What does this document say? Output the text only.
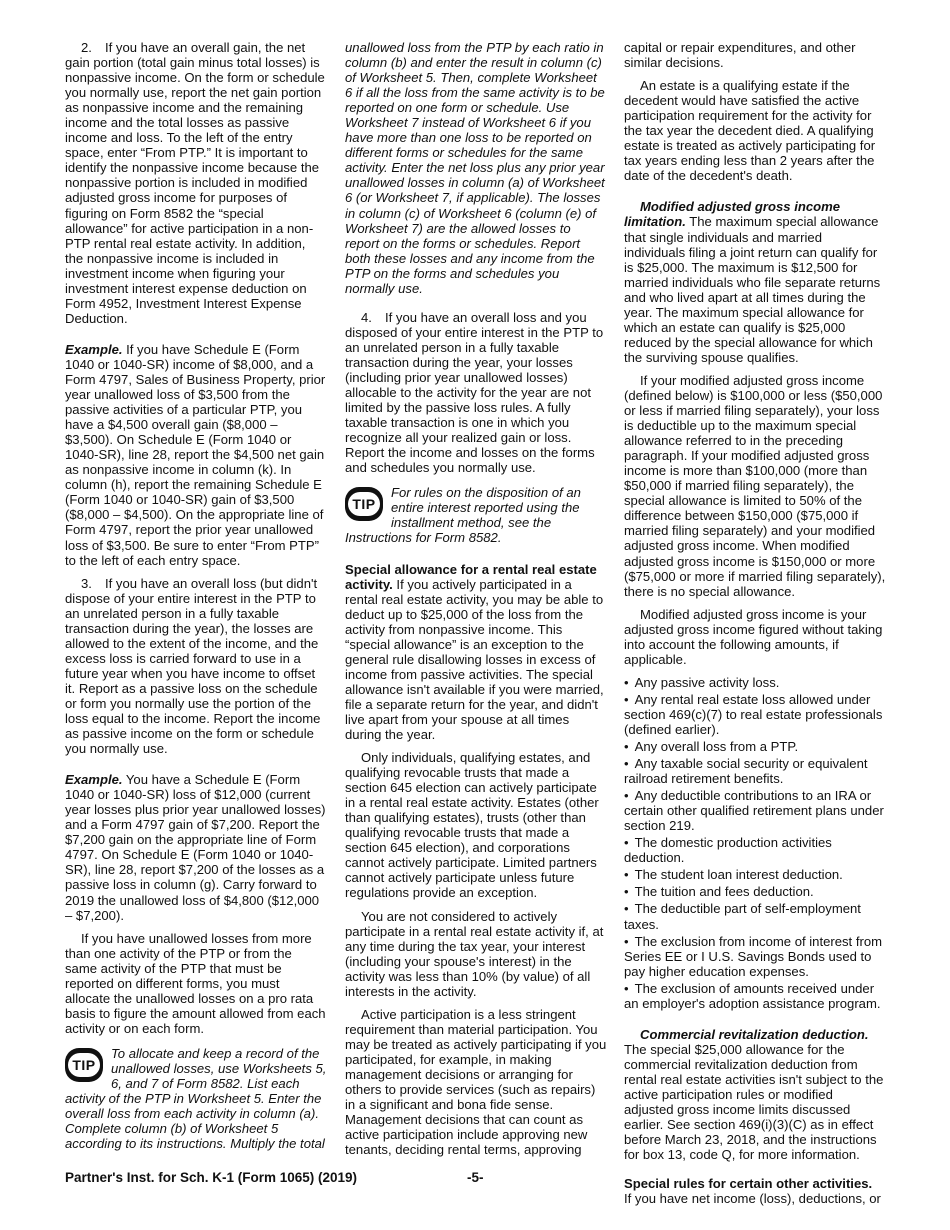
2. If you have an overall gain, the net gain portion (total gain minus total losses) is nonpassive income. On the form or schedule you normally use, report the net gain portion as nonpassive income and the remaining income and the total losses as passive income and loss. To the left of the entry space, enter “From PTP.” It is important to identify the nonpassive income because the nonpassive portion is included in modified adjusted gross income for purposes of figuring on Form 8582 the “special allowance” for active participation in a non-PTP rental real estate activity. In addition, the nonpassive income is included in investment income when figuring your investment interest expense deduction on Form 4952, Investment Interest Expense Deduction.

Example. If you have Schedule E (Form 1040 or 1040-SR) income of $8,000, and a Form 4797, Sales of Business Property, prior year unallowed loss of $3,500 from the passive activities of a particular PTP, you have a $4,500 overall gain ($8,000 – $3,500). On Schedule E (Form 1040 or 1040-SR), line 28, report the $4,500 net gain as nonpassive income in column (k). In column (h), report the remaining Schedule E (Form 1040 or 1040-SR) gain of $3,500 ($8,000 – $4,500). On the appropriate line of Form 4797, report the prior year unallowed loss of $3,500. Be sure to enter “From PTP” to the left of each entry space.

3. If you have an overall loss (but didn't dispose of your entire interest in the PTP to an unrelated person in a fully taxable transaction during the year), the losses are allowed to the extent of the income, and the excess loss is carried forward to use in a future year when you have income to offset it. Report as a passive loss on the schedule or form you normally use the portion of the loss equal to the income. Report the income as passive income on the form or schedule you normally use.

Example. You have a Schedule E (Form 1040 or 1040-SR) loss of $12,000 (current year losses plus prior year unallowed losses) and a Form 4797 gain of $7,200. Report the $7,200 gain on the appropriate line of Form 4797. On Schedule E (Form 1040 or 1040-SR), line 28, report $7,200 of the losses as a passive loss in column (g). Carry forward to 2019 the unallowed loss of $4,800 ($12,000 – $7,200).

If you have unallowed losses from more than one activity of the PTP or from the same activity of the PTP that must be reported on different forms, you must allocate the unallowed losses on a pro rata basis to figure the amount allowed from each activity or on each form.

TIP
To allocate and keep a record of the unallowed losses, use Worksheets 5, 6, and 7 of Form 8582. List each activity of the PTP in Worksheet 5. Enter the overall loss from each activity in column (a). Complete column (b) of Worksheet 5 according to its instructions. Multiply the total

unallowed loss from the PTP by each ratio in column (b) and enter the result in column (c) of Worksheet 5. Then, complete Worksheet 6 if all the loss from the same activity is to be reported on one form or schedule. Use Worksheet 7 instead of Worksheet 6 if you have more than one loss to be reported on different forms or schedules for the same activity. Enter the net loss plus any prior year unallowed losses in column (a) of Worksheet 6 (or Worksheet 7, if applicable). The losses in column (c) of Worksheet 6 (column (e) of Worksheet 7) are the allowed losses to report on the forms or schedules. Report both these losses and any income from the PTP on the forms and schedules you normally use.

4. If you have an overall loss and you disposed of your entire interest in the PTP to an unrelated person in a fully taxable transaction during the year, your losses (including prior year unallowed losses) allocable to the activity for the year are not limited by the passive loss rules. A fully taxable transaction is one in which you recognize all your realized gain or loss. Report the income and losses on the forms and schedules you normally use.

TIP
For rules on the disposition of an entire interest reported using the installment method, see the Instructions for Form 8582.

Special allowance for a rental real estate activity. If you actively participated in a rental real estate activity, you may be able to deduct up to $25,000 of the loss from the activity from nonpassive income. This “special allowance” is an exception to the general rule disallowing losses in excess of income from passive activities. The special allowance isn't available if you were married, file a separate return for the year, and didn't live apart from your spouse at all times during the year.

Only individuals, qualifying estates, and qualifying revocable trusts that made a section 645 election can actively participate in a rental real estate activity. Estates (other than qualifying estates), trusts (other than qualifying revocable trusts that made a section 645 election), and corporations cannot actively participate. Limited partners cannot actively participate unless future regulations provide an exception.

You are not considered to actively participate in a rental real estate activity if, at any time during the tax year, your interest (including your spouse's interest) in the activity was less than 10% (by value) of all interests in the activity.

Active participation is a less stringent requirement than material participation. You may be treated as actively participating if you participated, for example, in making management decisions or arranging for others to provide services (such as repairs) in a significant and bona fide sense. Management decisions that can count as active participation include approving new tenants, deciding rental terms, approving

capital or repair expenditures, and other similar decisions.

An estate is a qualifying estate if the decedent would have satisfied the active participation requirement for the activity for the tax year the decedent died. A qualifying estate is treated as actively participating for tax years ending less than 2 years after the date of the decedent's death.

Modified adjusted gross income limitation. The maximum special allowance that single individuals and married individuals filing a joint return can qualify for is $25,000. The maximum is $12,500 for married individuals who file separate returns and who lived apart at all times during the year. The maximum special allowance for which an estate can qualify is $25,000 reduced by the special allowance for which the surviving spouse qualifies.

If your modified adjusted gross income (defined below) is $100,000 or less ($50,000 or less if married filing separately), your loss is deductible up to the maximum special allowance referred to in the preceding paragraph. If your modified adjusted gross income is more than $100,000 (more than $50,000 if married filing separately), the special allowance is limited to 50% of the difference between $150,000 ($75,000 if married filing separately) and your modified adjusted gross income. When modified adjusted gross income is $150,000 or more ($75,000 or more if married filing separately), there is no special allowance.

Modified adjusted gross income is your adjusted gross income figured without taking into account the following amounts, if applicable.

• Any passive activity loss.
• Any rental real estate loss allowed under section 469(c)(7) to real estate professionals (defined earlier).
• Any overall loss from a PTP.
• Any taxable social security or equivalent railroad retirement benefits.
• Any deductible contributions to an IRA or certain other qualified retirement plans under section 219.
• The domestic production activities deduction.
• The student loan interest deduction.
• The tuition and fees deduction.
• The deductible part of self-employment taxes.
• The exclusion from income of interest from Series EE or I U.S. Savings Bonds used to pay higher education expenses.
• The exclusion of amounts received under an employer's adoption assistance program.

Commercial revitalization deduction. The special $25,000 allowance for the commercial revitalization deduction from rental real estate activities isn't subject to the active participation rules or modified adjusted gross income limits discussed earlier. See section 469(i)(3)(C) as in effect before March 23, 2018, and the instructions for box 13, code Q, for more information.

Special rules for certain other activities.
If you have net income (loss), deductions, or

Partner's Inst. for Sch. K-1 (Form 1065) (2019)	-5-
